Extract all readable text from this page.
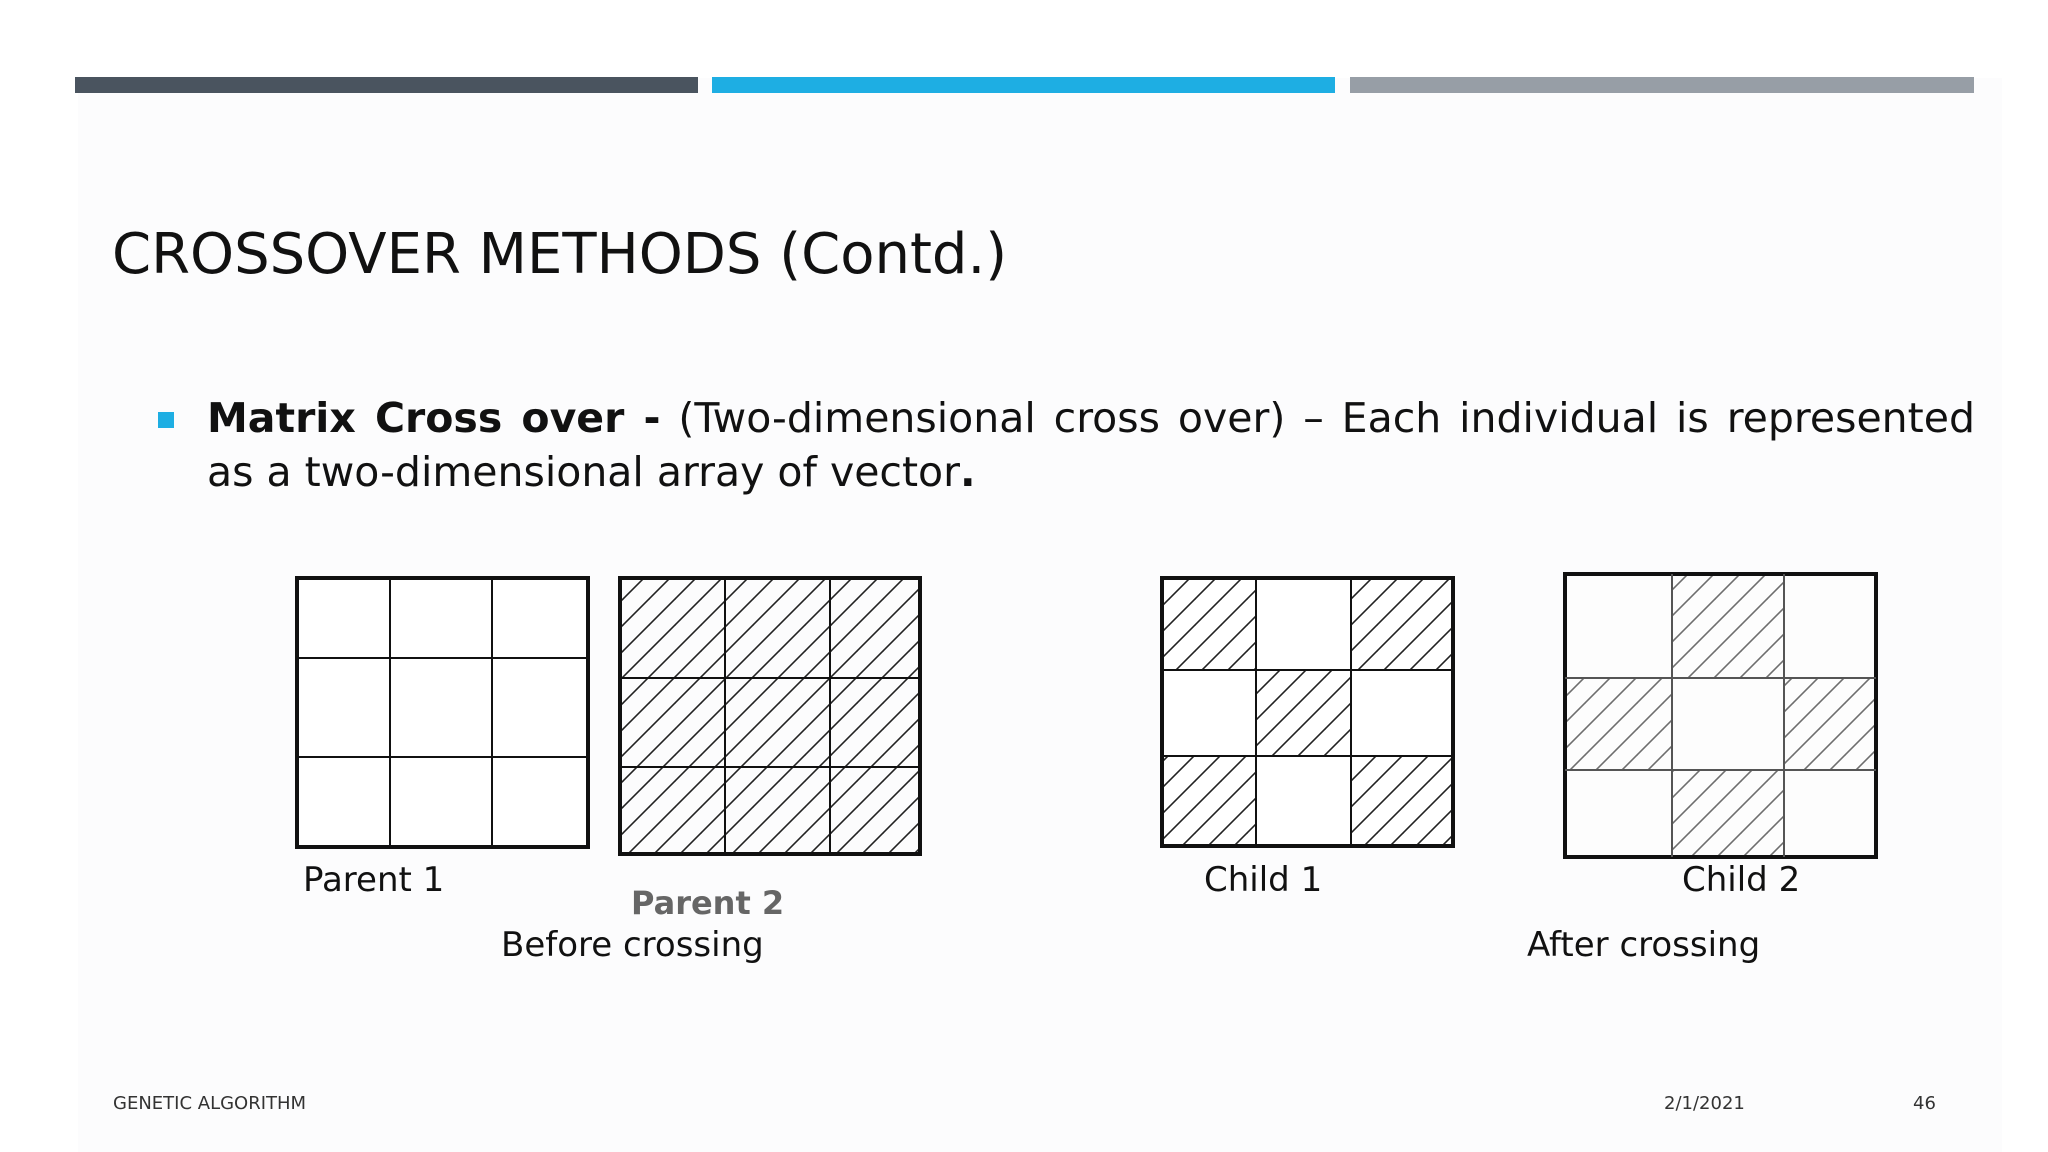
CROSSOVER METHODS (Contd.)

Matrix Cross over - (Two-dimensional cross over) – Each individual is represented as a two-dimensional array of vector.

Parent 1
Parent 2
Before crossing
Child 1	Child 2
After crossing
GENETIC ALGORITHM	2/1/2021	46
